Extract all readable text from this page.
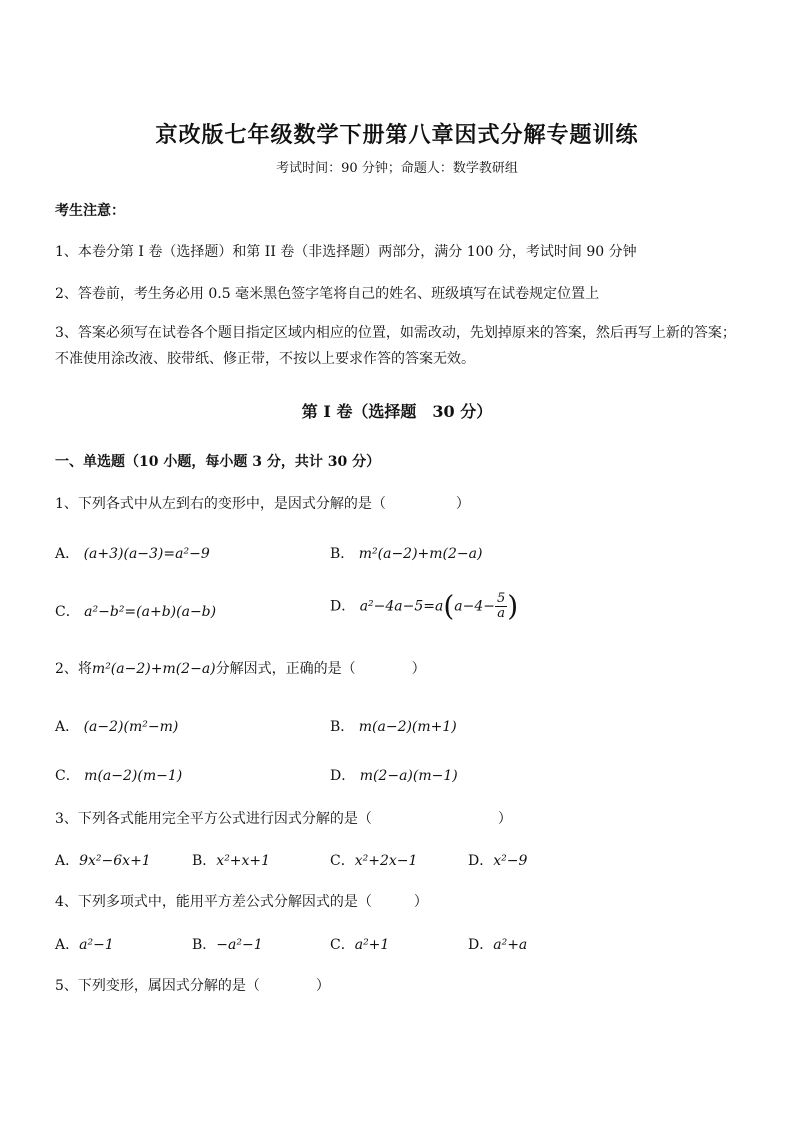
京改版七年级数学下册第八章因式分解专题训练
考试时间：90 分钟；命题人：数学教研组
考生注意：
1、本卷分第 I 卷（选择题）和第 II 卷（非选择题）两部分，满分 100 分，考试时间 90 分钟
2、答卷前，考生务必用 0.5 毫米黑色签字笔将自己的姓名、班级填写在试卷规定位置上
3、答案必须写在试卷各个题目指定区域内相应的位置，如需改动，先划掉原来的答案，然后再写上新的答案；不准使用涂改液、胶带纸、修正带，不按以上要求作答的答案无效。
第 I 卷（选择题　30 分）
一、单选题（10 小题，每小题 3 分，共计 30 分）
1、下列各式中从左到右的变形中，是因式分解的是（　　　　　）
A． (a+3)(a−3)=a²−9	B． m²(a−2)+m(2−a)
C． a²−b²=(a+b)(a−b)	D． $a^2-4a-5=a(a-4- \frac{5}{a}$ )
2、将m²(a−2)+m(2−a)分解因式，正确的是（　　　　）
A． (a−2)(m²−m)	B． m(a−2)(m+1)
C． m(a−2)(m−1)	D． m(2−a)(m−1)
3、下列各式能用完全平方公式进行因式分解的是（　　　　　　　　　）
A．9x²−6x+1	B．x²+x+1	C．x²+2x−1	D．x²−9
4、下列多项式中，能用平方差公式分解因式的是（　　　）
A．a²−1	B．−a²−1	C．a²+1	D．a²+a
5、下列变形，属因式分解的是（　　　　）
